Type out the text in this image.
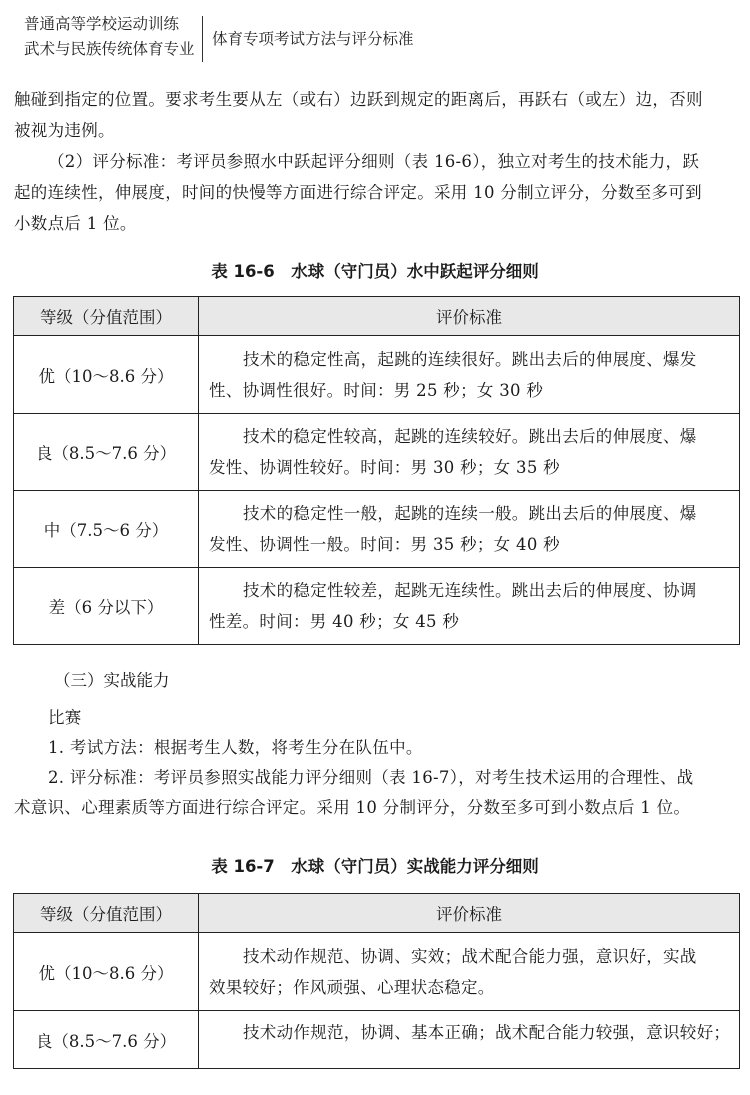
普通高等学校运动训练
武术与民族传统体育专业
体育专项考试方法与评分标准

触碰到指定的位置。要求考生要从左（或右）边跃到规定的距离后，再跃右（或左）边，否则

被视为违例。

（2）评分标准：考评员参照水中跃起评分细则（表 16-6），独立对考生的技术能力，跃

起的连续性，伸展度，时间的快慢等方面进行综合评定。采用 10 分制立评分，分数至多可到

小数点后 1 位。

表 16-6　水球（守门员）水中跃起评分细则
等级（分值范围）	评价标准
优（10～8.6 分）	技术的稳定性高，起跳的连续很好。跳出去后的伸展度、爆发
性、协调性很好。时间：男 25 秒；女 30 秒
良（8.5～7.6 分）	技术的稳定性较高，起跳的连续较好。跳出去后的伸展度、爆
发性、协调性较好。时间：男 30 秒；女 35 秒
中（7.5～6 分）	技术的稳定性一般，起跳的连续一般。跳出去后的伸展度、爆
发性、协调性一般。时间：男 35 秒；女 40 秒
差（6 分以下）	技术的稳定性较差，起跳无连续性。跳出去后的伸展度、协调
性差。时间：男 40 秒；女 45 秒
（三）实战能力

比赛

1. 考试方法：根据考生人数，将考生分在队伍中。

2. 评分标准：考评员参照实战能力评分细则（表 16-7），对考生技术运用的合理性、战

术意识、心理素质等方面进行综合评定。采用 10 分制评分，分数至多可到小数点后 1 位。

表 16-7　水球（守门员）实战能力评分细则
等级（分值范围）	评价标准
优（10～8.6 分）	技术动作规范、协调、实效；战术配合能力强，意识好，实战
效果较好；作风顽强、心理状态稳定。
良（8.5～7.6 分）	技术动作规范，协调、基本正确；战术配合能力较强，意识较好；
